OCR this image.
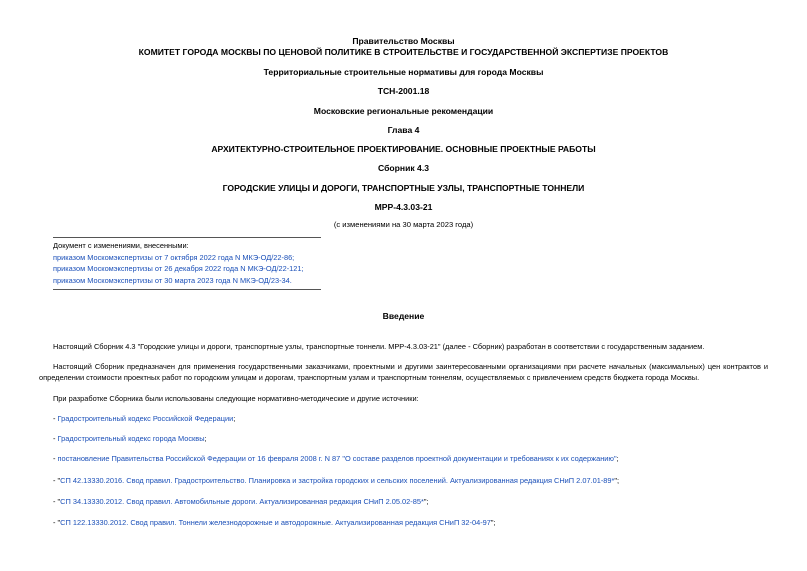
Правительство Москвы
КОМИТЕТ ГОРОДА МОСКВЫ ПО ЦЕНОВОЙ ПОЛИТИКЕ В СТРОИТЕЛЬСТВЕ И ГОСУДАРСТВЕННОЙ ЭКСПЕРТИЗЕ ПРОЕКТОВ
Территориальные строительные нормативы для города Москвы
ТСН-2001.18
Московские региональные рекомендации
Глава 4
АРХИТЕКТУРНО-СТРОИТЕЛЬНОЕ ПРОЕКТИРОВАНИЕ. ОСНОВНЫЕ ПРОЕКТНЫЕ РАБОТЫ
Сборник 4.3
ГОРОДСКИЕ УЛИЦЫ И ДОРОГИ, ТРАНСПОРТНЫЕ УЗЛЫ, ТРАНСПОРТНЫЕ ТОННЕЛИ
МРР-4.3.03-21
(с изменениями на 30 марта 2023 года)
Документ с изменениями, внесенными:
приказом Москомэкспертизы от 7 октября 2022 года N МКЭ-ОД/22-86;
приказом Москомэкспертизы от 26 декабря 2022 года N МКЭ-ОД/22-121;
приказом Москомэкспертизы от 30 марта 2023 года N МКЭ-ОД/23-34.
Введение
Настоящий Сборник 4.3 "Городские улицы и дороги, транспортные узлы, транспортные тоннели. МРР-4.3.03-21" (далее - Сборник) разработан в соответствии с государственным заданием.
Настоящий Сборник предназначен для применения государственными заказчиками, проектными и другими заинтересованными организациями при расчете начальных (максимальных) цен контрактов и определении стоимости проектных работ по городским улицам и дорогам, транспортным узлам и транспортным тоннелям, осуществляемых с привлечением средств бюджета города Москвы.
При разработке Сборника были использованы следующие нормативно-методические и другие источники:
- Градостроительный кодекс Российской Федерации;
- Градостроительный кодекс города Москвы;
- постановление Правительства Российской Федерации от 16 февраля 2008 г. N 87 "О составе разделов проектной документации и требованиях к их содержанию";
- "СП 42.13330.2016. Свод правил. Градостроительство. Планировка и застройка городских и сельских поселений. Актуализированная редакция СНиП 2.07.01-89*";
- "СП 34.13330.2012. Свод правил. Автомобильные дороги. Актуализированная редакция СНиП 2.05.02-85*";
- "СП 122.13330.2012. Свод правил. Тоннели железнодорожные и автодорожные. Актуализированная редакция СНиП 32-04-97";
